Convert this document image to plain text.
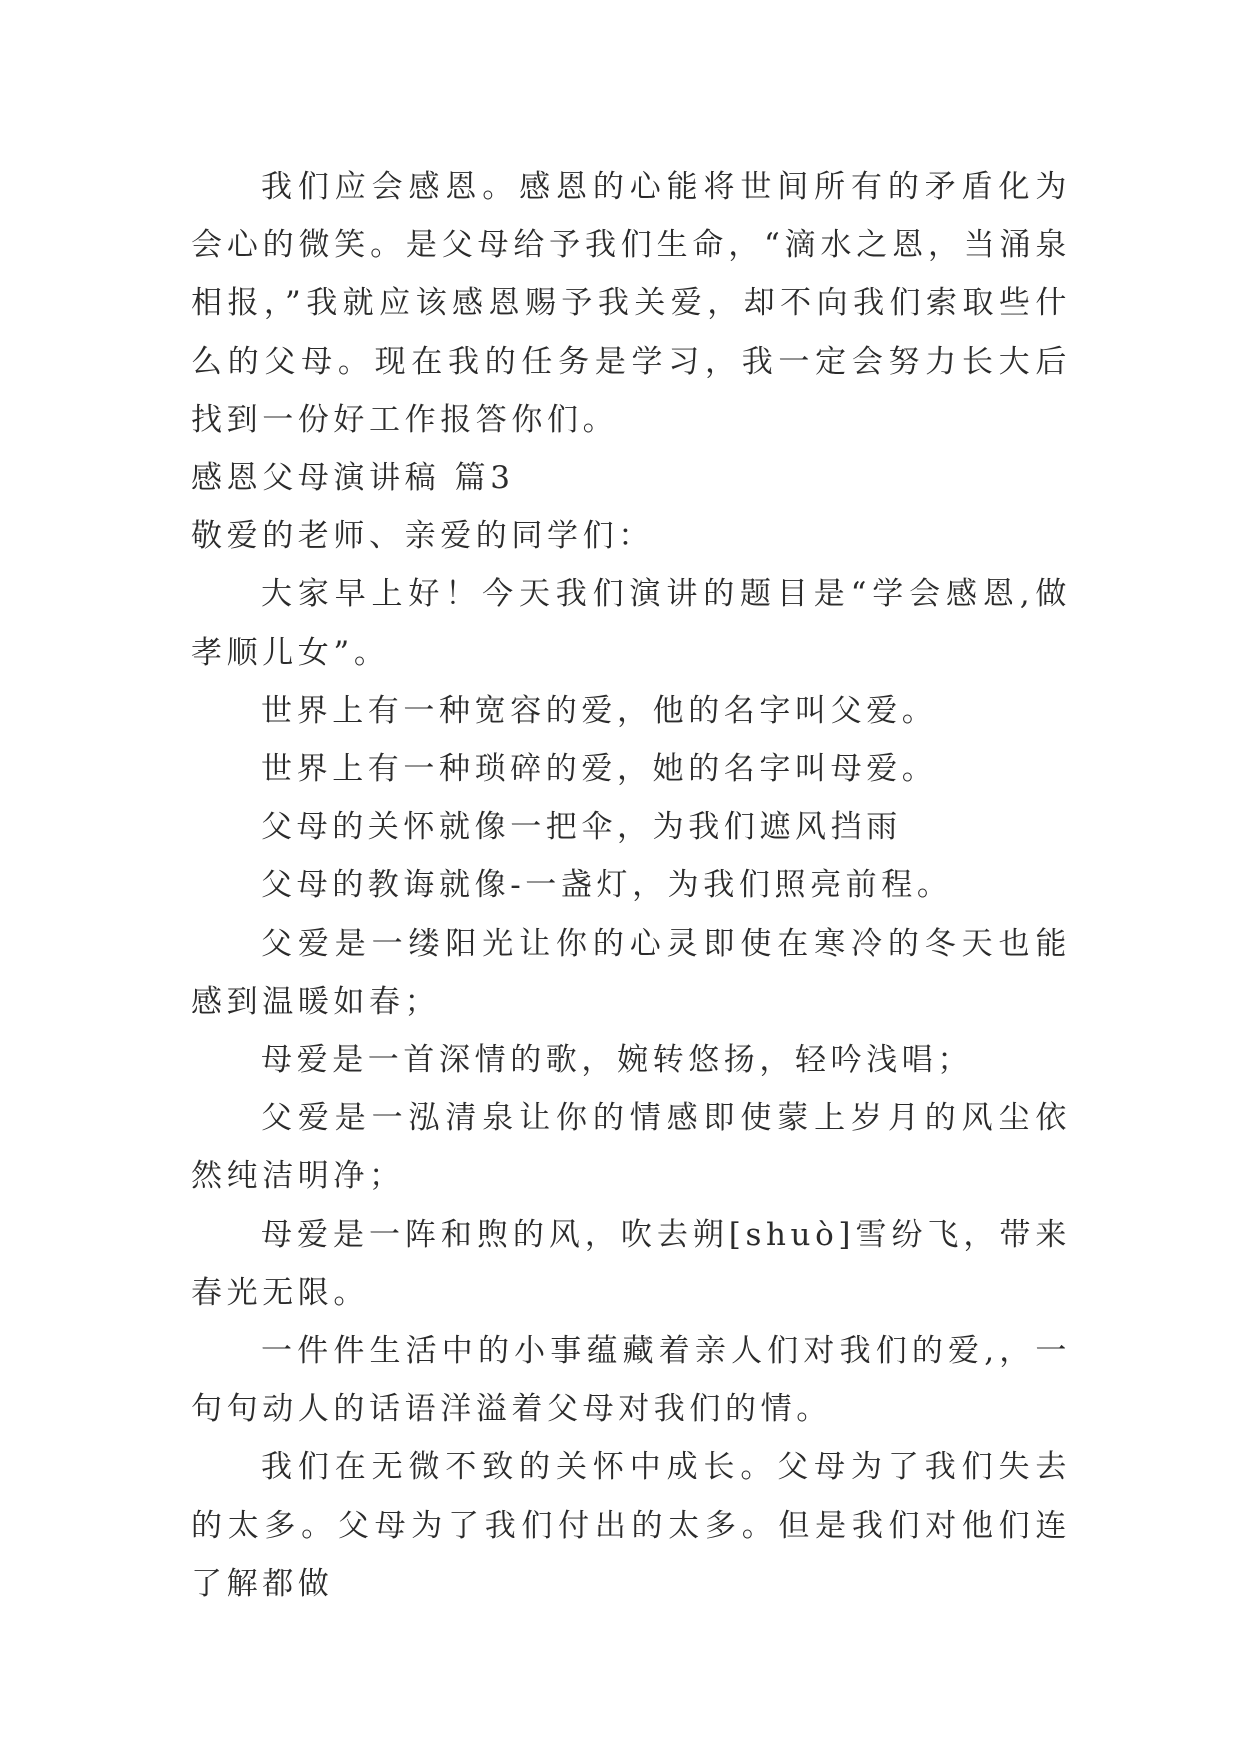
我们应会感恩。感恩的心能将世间所有的矛盾化为会心的微笑。是父母给予我们生命，“滴水之恩，当涌泉相报，”我就应该感恩赐予我关爱，却不向我们索取些什么的父母。现在我的任务是学习，我一定会努力长大后找到一份好工作报答你们。

感恩父母演讲稿 篇3

敬爱的老师、亲爱的同学们：

大家早上好！今天我们演讲的题目是“学会感恩,做孝顺儿女”。

世界上有一种宽容的爱，他的名字叫父爱。

世界上有一种琐碎的爱，她的名字叫母爱。

父母的关怀就像一把伞，为我们遮风挡雨

父母的教诲就像-一盏灯，为我们照亮前程。

父爱是一缕阳光让你的心灵即使在寒冷的冬天也能感到温暖如春；

母爱是一首深情的歌，婉转悠扬，轻吟浅唱；

父爱是一泓清泉让你的情感即使蒙上岁月的风尘依然纯洁明净；

母爱是一阵和煦的风，吹去朔[shuò]雪纷飞，带来春光无限。

一件件生活中的小事蕴藏着亲人们对我们的爱,，一句句动人的话语洋溢着父母对我们的情。

我们在无微不致的关怀中成长。父母为了我们失去的太多。父母为了我们付出的太多。但是我们对他们连了解都做
